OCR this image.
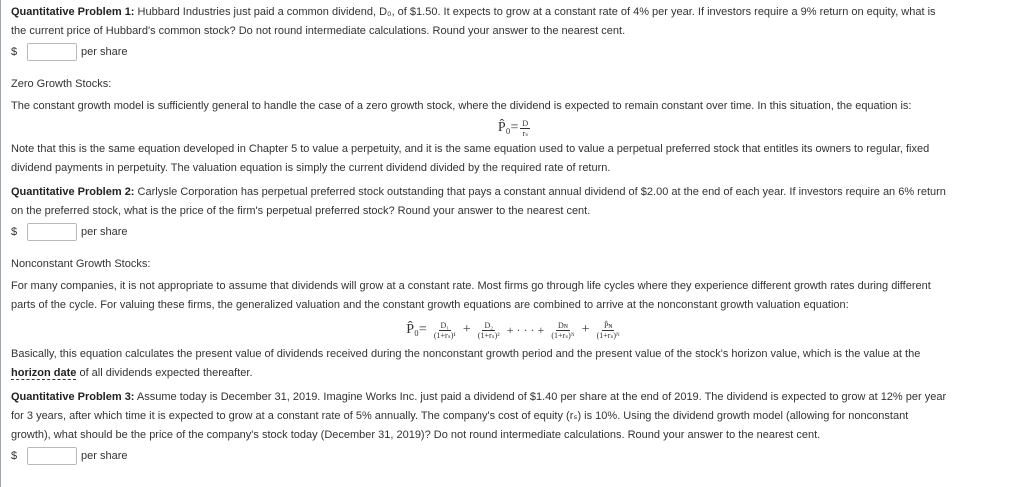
Quantitative Problem 1: Hubbard Industries just paid a common dividend, D₀, of $1.50. It expects to grow at a constant rate of 4% per year. If investors require a 9% return on equity, what is

the current price of Hubbard's common stock? Do not round intermediate calculations. Round your answer to the nearest cent.

$	per share

Zero Growth Stocks:

The constant growth model is sufficiently general to handle the case of a zero growth stock, where the dividend is expected to remain constant over time. In this situation, the equation is:

P̂₀= $\frac{D}{\text{rₛ}}$

Note that this is the same equation developed in Chapter 5 to value a perpetuity, and it is the same equation used to value a perpetual preferred stock that entitles its owners to regular, fixed

dividend payments in perpetuity. The valuation equation is simply the current dividend divided by the required rate of return.

Quantitative Problem 2: Carlysle Corporation has perpetual preferred stock outstanding that pays a constant annual dividend of $2.00 at the end of each year. If investors require an 6% return

on the preferred stock, what is the price of the firm's perpetual preferred stock? Round your answer to the nearest cent.

$	per share

Nonconstant Growth Stocks:

For many companies, it is not appropriate to assume that dividends will grow at a constant rate. Most firms go through life cycles where they experience different growth rates during different

parts of the cycle. For valuing these firms, the generalized valuation and the constant growth equations are combined to arrive at the nonconstant growth valuation equation:

P̂₀= $\frac{\text{D₁}}{\text{(1+rₛ)¹}} + \frac{\text{D₂}}{\text{(1+rₛ)²}}$ + · · · + $\frac{\text{Dɴ}}{\text{(1+rₛ)ᴺ}} + \frac{\text{P̂ɴ}}{\text{(1+rₛ)ᴺ}}$

Basically, this equation calculates the present value of dividends received during the nonconstant growth period and the present value of the stock's horizon value, which is the value at the

horizon date of all dividends expected thereafter.

Quantitative Problem 3: Assume today is December 31, 2019. Imagine Works Inc. just paid a dividend of $1.40 per share at the end of 2019. The dividend is expected to grow at 12% per year

for 3 years, after which time it is expected to grow at a constant rate of 5% annually. The company's cost of equity (rₛ) is 10%. Using the dividend growth model (allowing for nonconstant

growth), what should be the price of the company's stock today (December 31, 2019)? Do not round intermediate calculations. Round your answer to the nearest cent.

$	per share
